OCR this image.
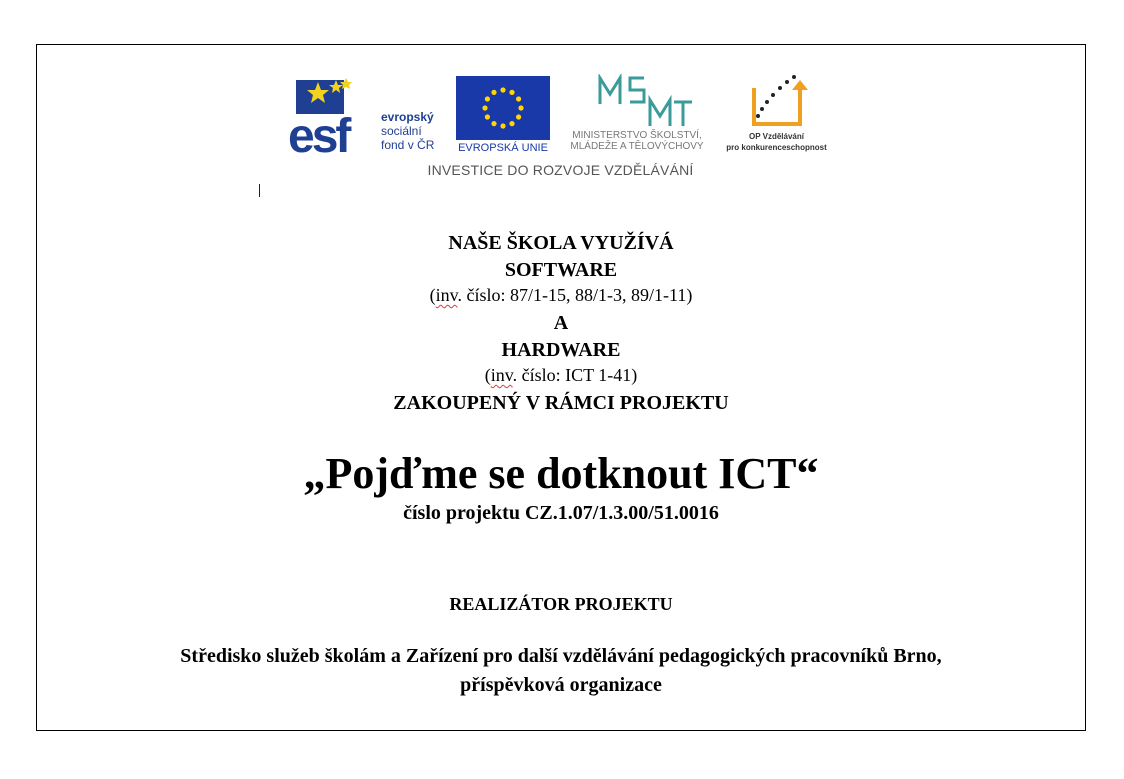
esf	evropský
sociální
fond v ČR EVROPSKÁ UNIE
MINISTERSTVO ŠKOLSTVÍ,
MLÁDEŽE A TĚLOVÝCHOVY
OP Vzdělávání
pro konkurenceschopnost
INVESTICE DO ROZVOJE VZDĚLÁVÁNÍ
NAŠE ŠKOLA VYUŽÍVÁ
SOFTWARE
(inv. číslo: 87/1-15, 88/1-3, 89/1-11)
A
HARDWARE
(inv. číslo: ICT 1-41)
ZAKOUPENÝ V RÁMCI PROJEKTU
„Pojďme se dotknout ICT“
číslo projektu CZ.1.07/1.3.00/51.0016
REALIZÁTOR PROJEKTU
Středisko služeb školám a Zařízení pro další vzdělávání pedagogických pracovníků Brno,
příspěvková organizace
